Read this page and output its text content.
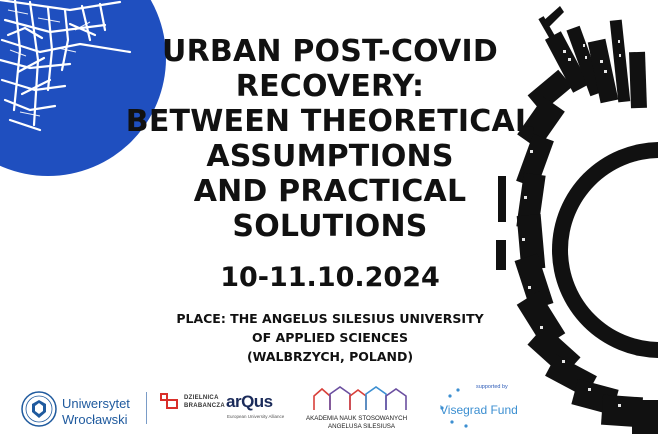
URBAN POST-COVID
RECOVERY:
BETWEEN THEORETICAL
ASSUMPTIONS
AND PRACTICAL
SOLUTIONS
10-11.10.2024
PLACE: THE ANGELUS SILESIUS UNIVERSITY
OF APPLIED SCIENCES
(WALBRZYCH, POLAND)
Uniwersytet
Wrocławski
DZIELNICA
BRABANCZA arQus
European University Alliance	AKADEMIA NAUK STOSOWANYCH
ANGELUSA SILESIUSA
supported by
Visegrad Fund
